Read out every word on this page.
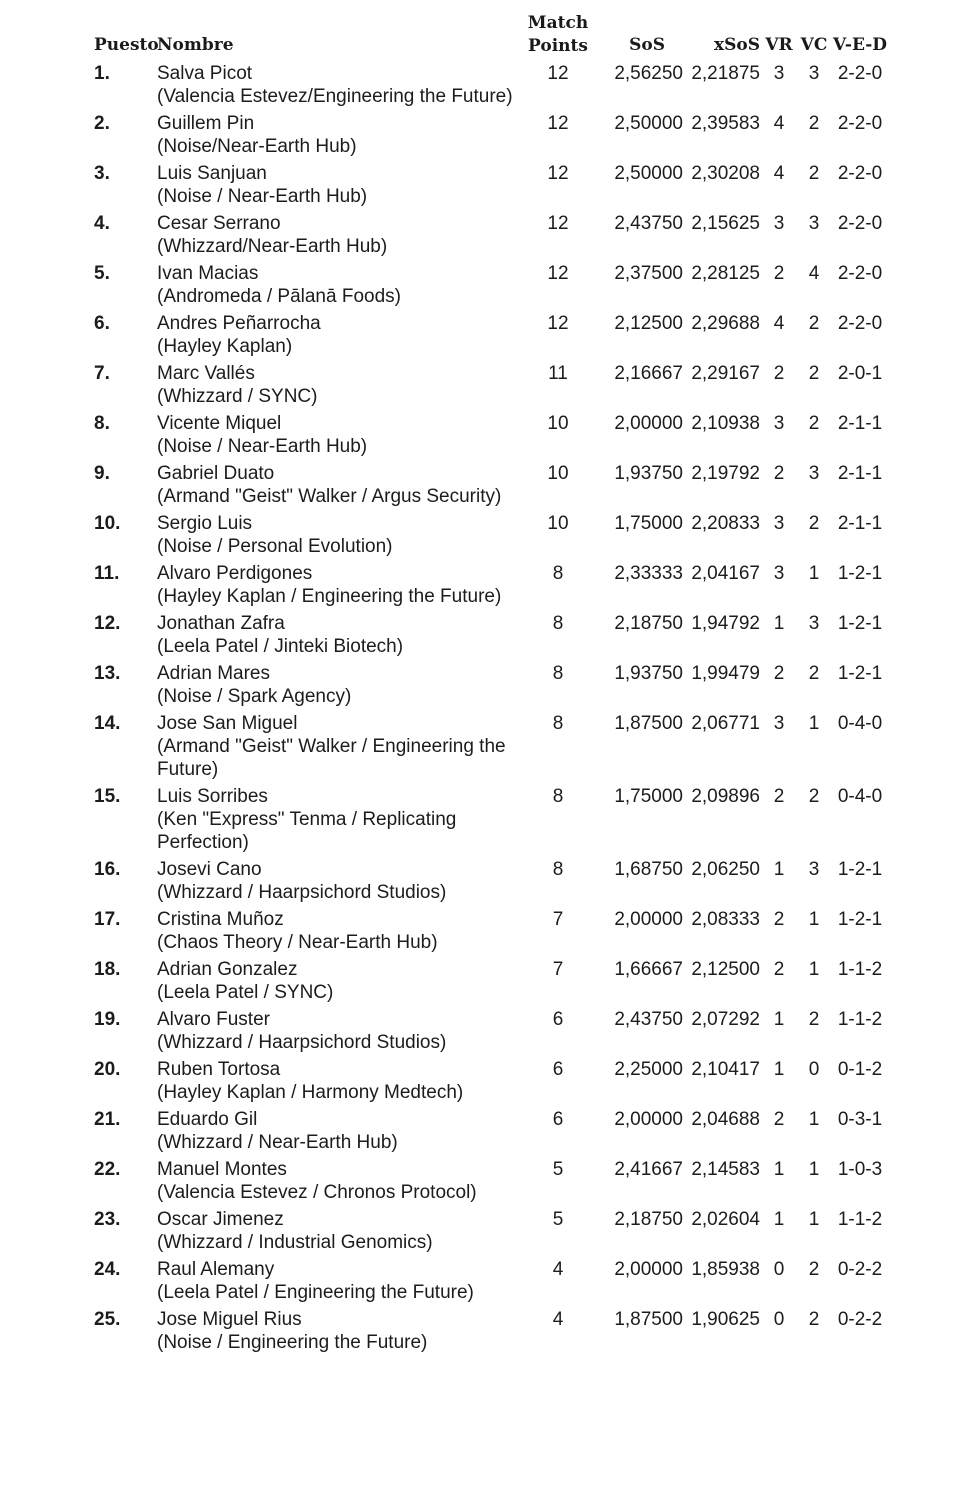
Puesto
Nombre
Match
Points	SoS	xSoS VR VC V-E-D
1.	Salva Picot
(Valencia Estevez/Engineering the Future)
12	2,56250 2,21875 3	3 2-2-0
2.	Guillem Pin
(Noise/Near-Earth Hub)
12	2,50000 2,39583 4	2 2-2-0
3.	Luis Sanjuan
(Noise / Near-Earth Hub)
12	2,50000 2,30208 4	2 2-2-0
4.	Cesar Serrano
(Whizzard/Near-Earth Hub)
12	2,43750 2,15625 3	3 2-2-0
5.	Ivan Macias
(Andromeda / Pālanā Foods)
12	2,37500 2,28125 2	4 2-2-0
6.	Andres Peñarrocha
(Hayley Kaplan)
12	2,12500 2,29688 4	2 2-2-0
7.	Marc Vallés
(Whizzard / SYNC)
11	2,16667 2,29167 2	2 2-0-1
8.	Vicente Miquel
(Noise / Near-Earth Hub)
10	2,00000 2,10938 3	2 2-1-1
9.	Gabriel Duato
(Armand "Geist" Walker / Argus Security)
10	1,93750 2,19792 2	3 2-1-1
10.	Sergio Luis
(Noise / Personal Evolution)
10	1,75000 2,20833 3	2 2-1-1
11.	Alvaro Perdigones
(Hayley Kaplan / Engineering the Future)
8	2,33333 2,04167 3	1 1-2-1
12.	Jonathan Zafra
(Leela Patel / Jinteki Biotech)
8	2,18750 1,94792 1	3 1-2-1
13.	Adrian Mares
(Noise / Spark Agency)
8	1,93750 1,99479 2	2 1-2-1
14.	Jose San Miguel
(Armand "Geist" Walker / Engineering the Future)
8	1,87500 2,06771 3	1 0-4-0
15.	Luis Sorribes
(Ken "Express" Tenma / Replicating Perfection)
8	1,75000 2,09896 2	2 0-4-0
16.	Josevi Cano
(Whizzard / Haarpsichord Studios)
8	1,68750 2,06250 1	3 1-2-1
17.	Cristina Muñoz
(Chaos Theory / Near-Earth Hub)
7	2,00000 2,08333 2	1 1-2-1
18.	Adrian Gonzalez
(Leela Patel / SYNC)
7	1,66667 2,12500 2	1 1-1-2
19.	Alvaro Fuster
(Whizzard / Haarpsichord Studios)
6	2,43750 2,07292 1	2 1-1-2
20.	Ruben Tortosa
(Hayley Kaplan / Harmony Medtech)
6	2,25000 2,10417 1	0 0-1-2
21.	Eduardo Gil
(Whizzard / Near-Earth Hub)
6	2,00000 2,04688 2	1 0-3-1
22.	Manuel Montes
(Valencia Estevez / Chronos Protocol)
5	2,41667 2,14583 1	1 1-0-3
23.	Oscar Jimenez
(Whizzard / Industrial Genomics)
5	2,18750 2,02604 1	1 1-1-2
24.	Raul Alemany
(Leela Patel / Engineering the Future)
4	2,00000 1,85938 0	2 0-2-2
25.	Jose Miguel Rius
(Noise / Engineering the Future)
4	1,87500 1,90625 0	2 0-2-2
